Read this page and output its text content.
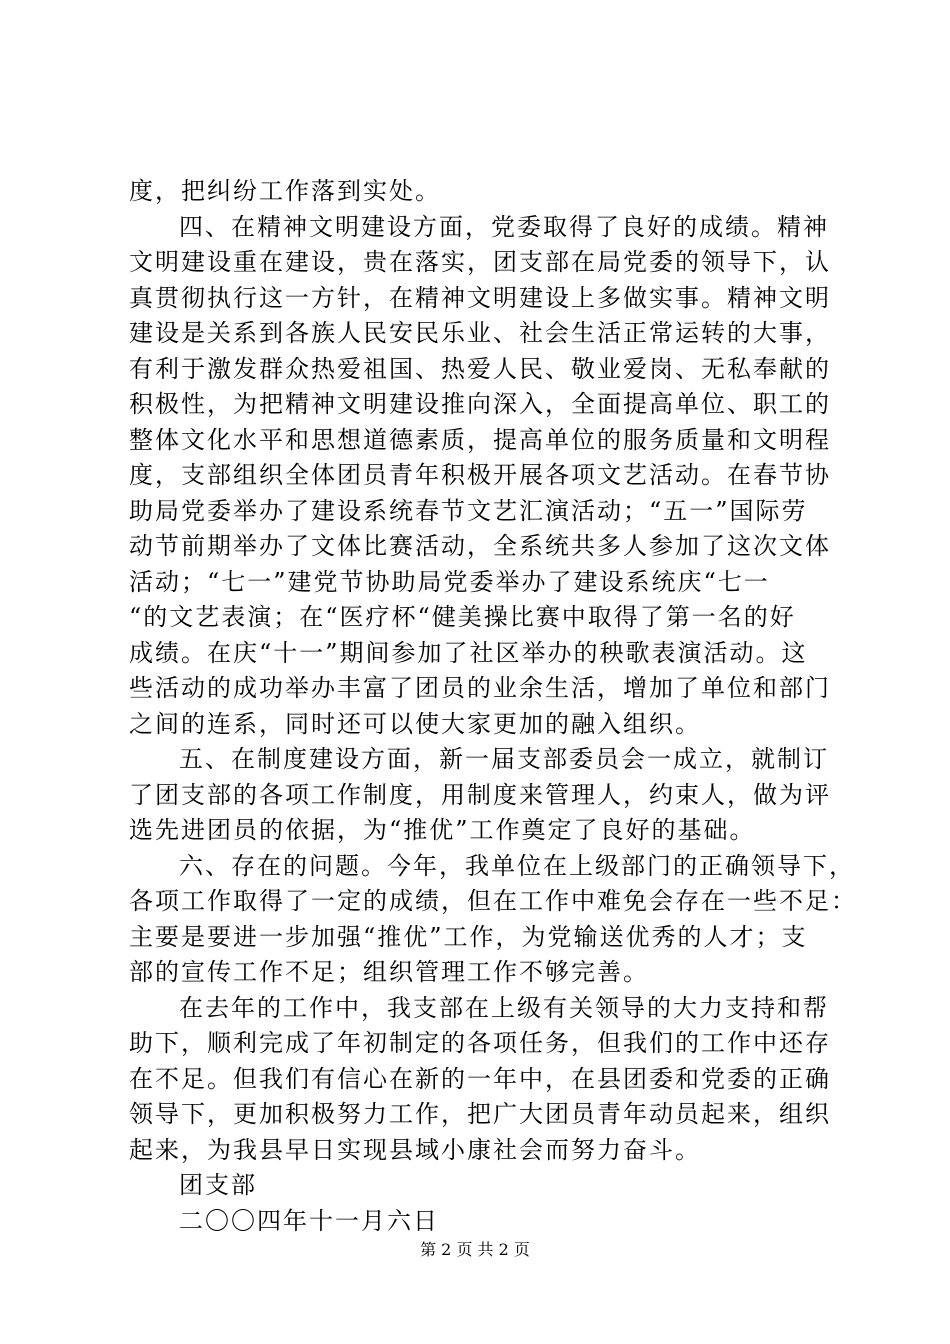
度，把纠纷工作落到实处。
四、在精神文明建设方面，党委取得了良好的成绩。精神
文明建设重在建设，贵在落实，团支部在局党委的领导下，认
真贯彻执行这一方针，在精神文明建设上多做实事。精神文明
建设是关系到各族人民安民乐业、社会生活正常运转的大事，
有利于激发群众热爱祖国、热爱人民、敬业爱岗、无私奉献的
积极性，为把精神文明建设推向深入，全面提高单位、职工的
整体文化水平和思想道德素质，提高单位的服务质量和文明程
度，支部组织全体团员青年积极开展各项文艺活动。在春节协
助局党委举办了建设系统春节文艺汇演活动；“五一”国际劳
动节前期举办了文体比赛活动，全系统共多人参加了这次文体
活动；“七一”建党节协助局党委举办了建设系统庆“七一
“的文艺表演；在“医疗杯“健美操比赛中取得了第一名的好
成绩。在庆“十一”期间参加了社区举办的秧歌表演活动。这
些活动的成功举办丰富了团员的业余生活，增加了单位和部门
之间的连系，同时还可以使大家更加的融入组织。
五、在制度建设方面，新一届支部委员会一成立，就制订
了团支部的各项工作制度，用制度来管理人，约束人，做为评
选先进团员的依据，为“推优”工作奠定了良好的基础。
六、存在的问题。今年，我单位在上级部门的正确领导下，
各项工作取得了一定的成绩，但在工作中难免会存在一些不足：
主要是要进一步加强“推优”工作，为党输送优秀的人才；支
部的宣传工作不足；组织管理工作不够完善。
在去年的工作中，我支部在上级有关领导的大力支持和帮
助下，顺利完成了年初制定的各项任务，但我们的工作中还存
在不足。但我们有信心在新的一年中，在县团委和党委的正确
领导下，更加积极努力工作，把广大团员青年动员起来，组织
起来，为我县早日实现县域小康社会而努力奋斗。
团支部
二〇〇四年十一月六日
第 2 页 共 2 页
